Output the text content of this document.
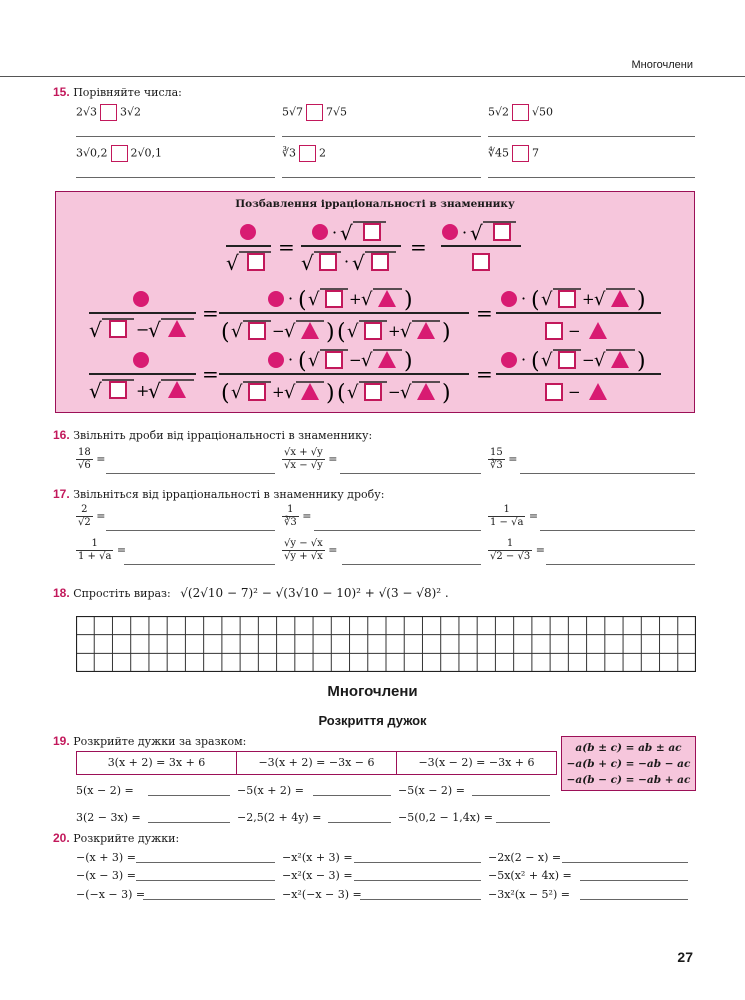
Многочлени
15. Порівняйте числа:
2√3 3√2	5√7 7√5	5√2 √50
3√0,2 2√0,1	∛3 2	∜45 7
Позбавлення ірраціональності в знаменнику
√
=
· √
√ · √
=
· √
√ −
√
=
· ( √ + √ )
( √ − √ ) ( √ + √ )
=
· ( √ + √ )
−
√ +
√
=
· ( √ − √ )
( √ + √ ) ( √ − √ )
=
· ( √ − √ )
−
16. Звільніть дроби від ірраціональності в знаменнику:
$\frac{18}{√6}$ =	$\frac{√x + √y}{√x - √y}$ =	$\frac{15}{∛3}$ =
17. Звільніться від ірраціональності в знаменнику дробу:
$\frac{2}{√2}$ =	$\frac{1}{∛3}$ =	$\frac{1}{1 - √a}$ =
$\frac{1}{1 + √a}$ =	$\frac{√y - √x}{√y + √x}$ =	$\frac{1}{√2 - √3}$ =
18. Спростіть вираз: √(2√10 − 7)² − √(3√10 − 10)² + √(3 − √8)² .
Многочлени
Розкриття дужок
19. Розкрийте дужки за зразком:
3(x + 2) = 3x + 6	−3(x + 2) = −3x − 6	−3(x − 2) = −3x + 6
a(b ± c) = ab ± ac
−a(b + c) = −ab − ac
−a(b − c) = −ab + ac
5(x − 2) =	−5(x + 2) =	−5(x − 2) =
3(2 − 3x) =	−2,5(2 + 4y) =	−5(0,2 − 1,4x) =
20. Розкрийте дужки:
−(x + 3) =	−x²(x + 3) =	−2x(2 − x) =
−(x − 3) =	−x²(x − 3) =	−5x(x² + 4x) =
−(−x − 3) =	−x²(−x − 3) =	−3x²(x − 5²) =
27
